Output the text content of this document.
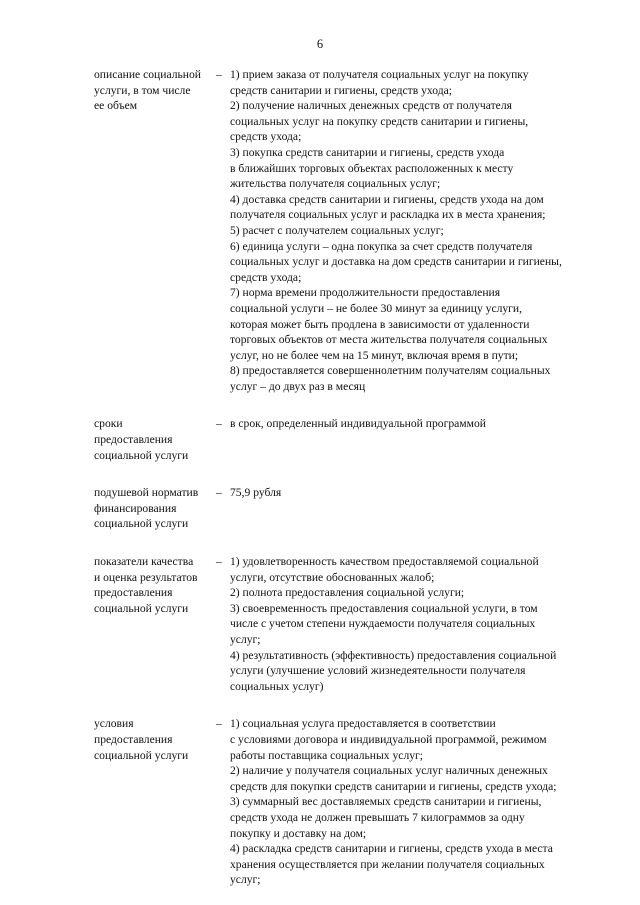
6
описание социальной
услуги, в том числе
ее объем
– 1) прием заказа от получателя социальных услуг на покупку
средств санитарии и гигиены, средств ухода;
2) получение наличных денежных средств от получателя
социальных услуг на покупку средств санитарии и гигиены,
средств ухода;
3) покупка средств санитарии и гигиены, средств ухода
в ближайших торговых объектах расположенных к месту
жительства получателя социальных услуг;
4) доставка средств санитарии и гигиены, средств ухода на дом
получателя социальных услуг и раскладка их в места хранения;
5) расчет с получателем социальных услуг;
6) единица услуги – одна покупка за счет средств получателя
социальных услуг и доставка на дом средств санитарии и гигиены,
средств ухода;
7) норма времени продолжительности предоставления
социальной услуги – не более 30 минут за единицу услуги,
которая может быть продлена в зависимости от удаленности
торговых объектов от места жительства получателя социальных
услуг, но не более чем на 15 минут, включая время в пути;
8) предоставляется совершеннолетним получателям социальных
услуг – до двух раз в месяц
сроки
предоставления
социальной услуги
– в срок, определенный индивидуальной программой
подушевой норматив
финансирования
социальной услуги
– 75,9 рубля
показатели качества
и оценка результатов
предоставления
социальной услуги
– 1) удовлетворенность качеством предоставляемой социальной
услуги, отсутствие обоснованных жалоб;
2) полнота предоставления социальной услуги;
3) своевременность предоставления социальной услуги, в том
числе с учетом степени нуждаемости получателя социальных
услуг;
4) результативность (эффективность) предоставления социальной
услуги (улучшение условий жизнедеятельности получателя
социальных услуг)
условия
предоставления
социальной услуги
– 1) социальная услуга предоставляется в соответствии
с условиями договора и индивидуальной программой, режимом
работы поставщика социальных услуг;
2) наличие у получателя социальных услуг наличных денежных
средств для покупки средств санитарии и гигиены, средств ухода;
3) суммарный вес доставляемых средств санитарии и гигиены,
средств ухода не должен превышать 7 килограммов за одну
покупку и доставку на дом;
4) раскладка средств санитарии и гигиены, средств ухода в места
хранения осуществляется при желании получателя социальных
услуг;
